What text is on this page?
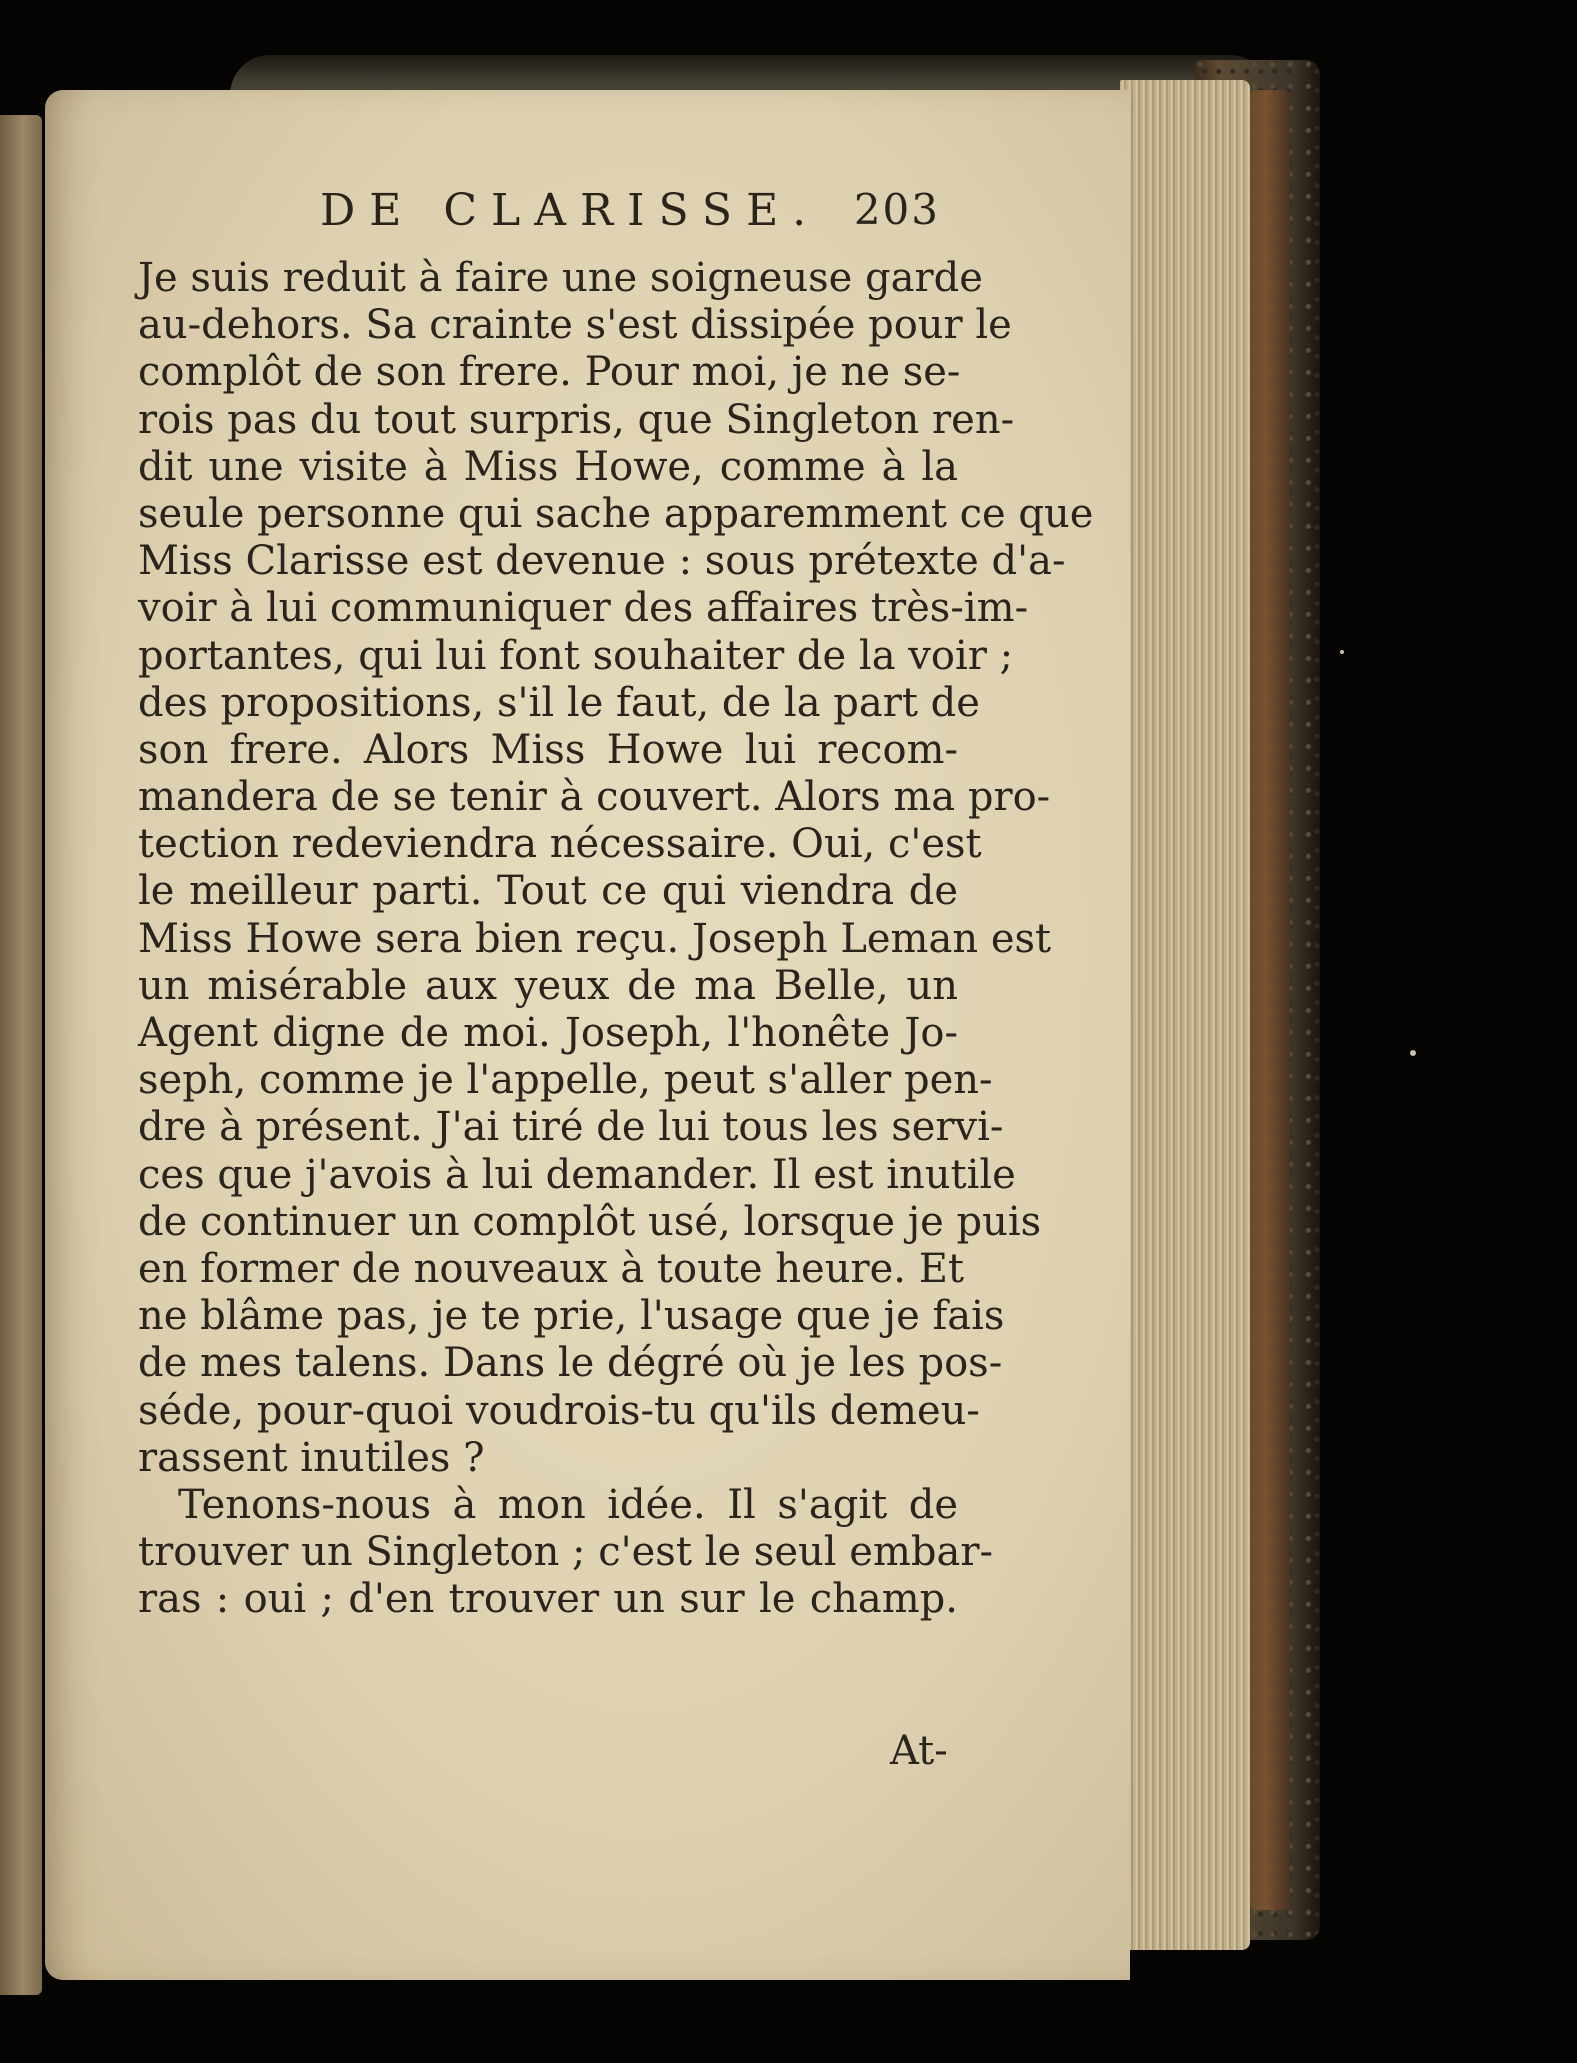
DE CLARISSE. 203
Je suis reduit à faire une soigneuse garde
au-dehors. Sa crainte s'est dissipée pour le
complôt de son frere. Pour moi, je ne se-
rois pas du tout surpris, que Singleton ren-
dit une visite à Miss Howe, comme à la
seule personne qui sache apparemment ce que
Miss Clarisse est devenue : sous prétexte d'a-
voir à lui communiquer des affaires très-im-
portantes, qui lui font souhaiter de la voir ;
des propositions, s'il le faut, de la part de
son frere. Alors Miss Howe lui recom-
mandera de se tenir à couvert. Alors ma pro-
tection redeviendra nécessaire. Oui, c'est
le meilleur parti. Tout ce qui viendra de
Miss Howe sera bien reçu. Joseph Leman est
un misérable aux yeux de ma Belle, un
Agent digne de moi. Joseph, l'honête Jo-
seph, comme je l'appelle, peut s'aller pen-
dre à présent. J'ai tiré de lui tous les servi-
ces que j'avois à lui demander. Il est inutile
de continuer un complôt usé, lorsque je puis
en former de nouveaux à toute heure. Et
ne blâme pas, je te prie, l'usage que je fais
de mes talens. Dans le dégré où je les pos-
séde, pour-quoi voudrois-tu qu'ils demeu-
rassent inutiles ?
Tenons-nous à mon idée. Il s'agit de
trouver un Singleton ; c'est le seul embar-
ras : oui ; d'en trouver un sur le champ.
At-
